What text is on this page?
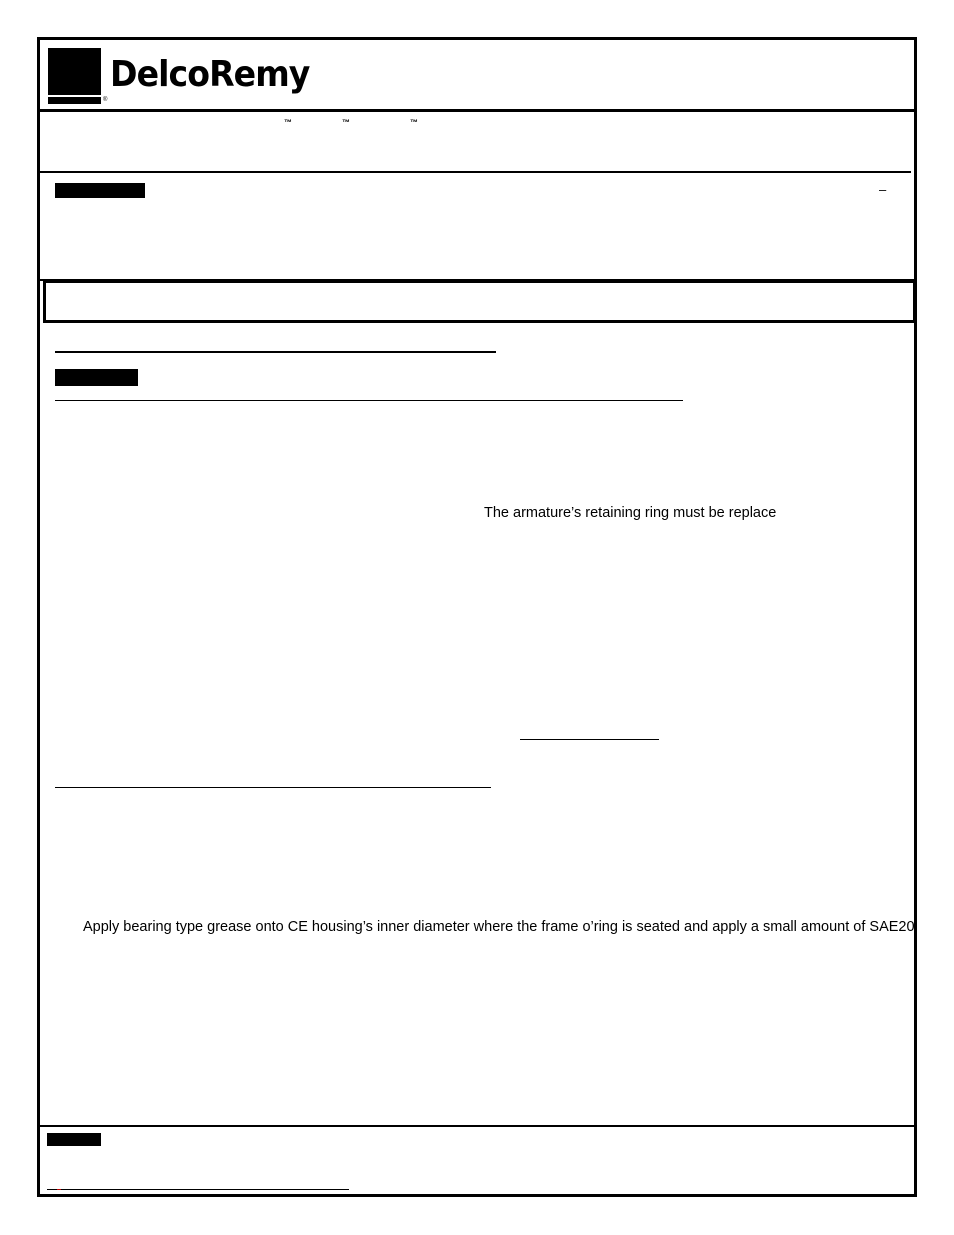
DelcoRemy
®
™	™	™
–
The armature’s retaining ring must be replace
Apply bearing type grease onto CE housing’s inner diameter where the frame o’ring is seated and apply a small amount of SAE20
